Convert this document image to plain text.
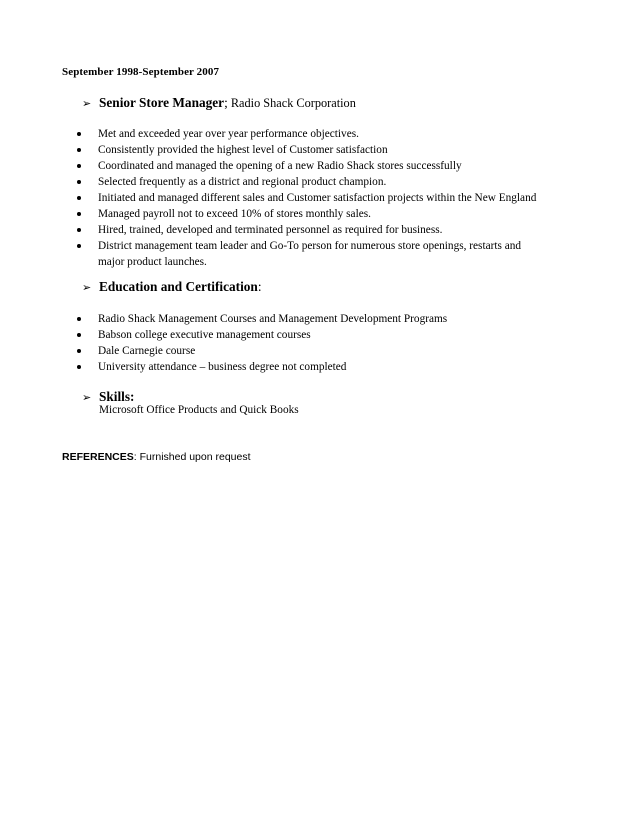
September 1998-September 2007
➢ Senior Store Manager ; Radio Shack Corporation
Met and exceeded year over year performance objectives.
Consistently provided the highest level of Customer satisfaction
Coordinated and managed the opening of a new Radio Shack stores successfully
Selected frequently as a district and regional product champion.
Initiated and managed different sales and Customer satisfaction projects within the New England
Managed payroll not to exceed 10% of stores monthly sales.
Hired, trained, developed and terminated personnel as required for business.
District management team leader and Go-To person for numerous store openings, restarts and
major product launches.
➢ Education and Certification :
Radio Shack Management Courses and Management Development Programs
Babson college executive management courses
Dale Carnegie course
University attendance – business degree not completed
➢ Skills:
Microsoft Office Products and Quick Books
REFERENCES: Furnished upon request
